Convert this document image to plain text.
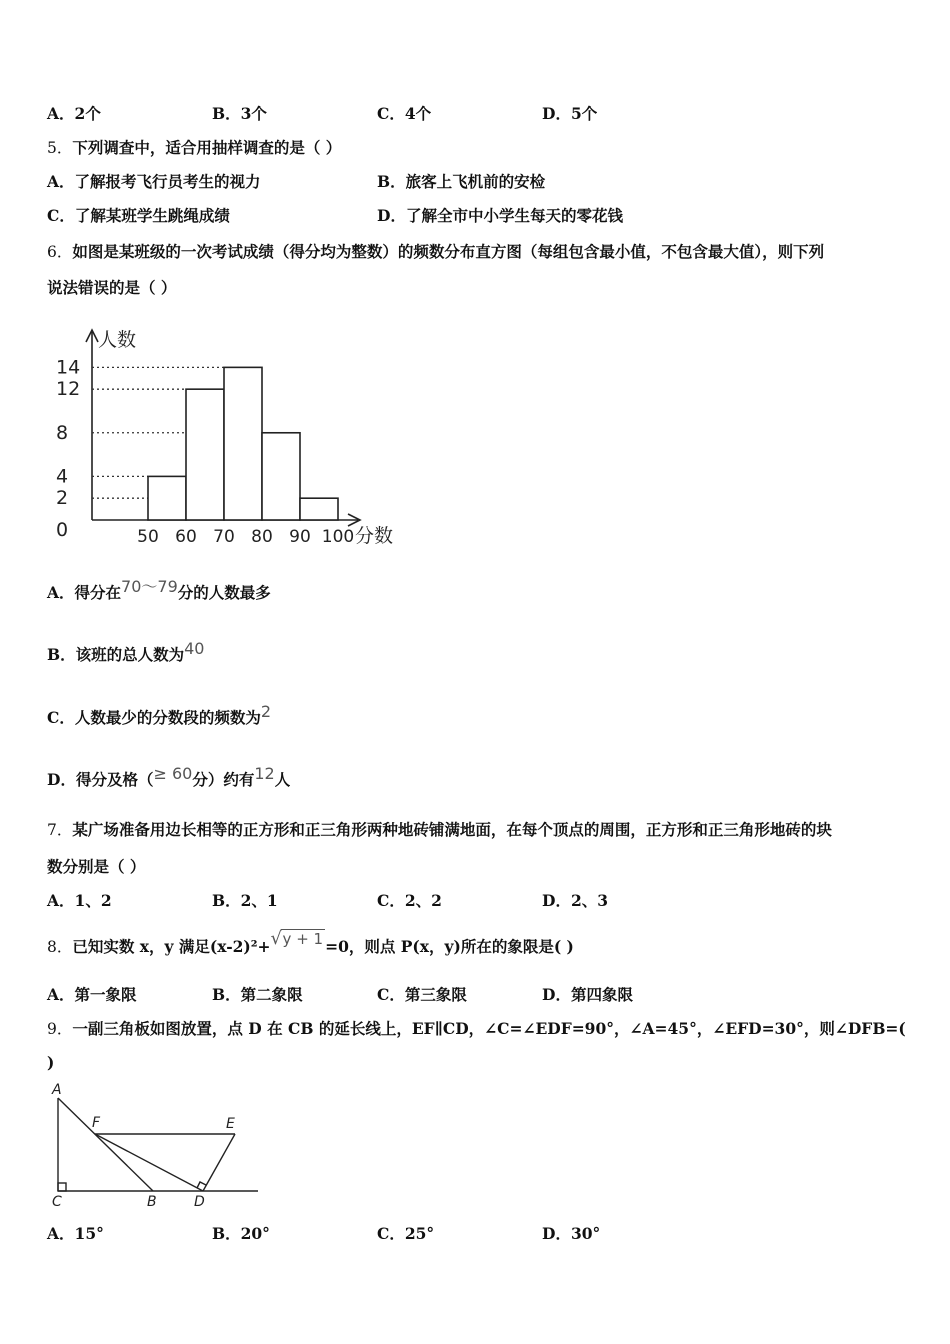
A．2个	B．3个	C．4个	D．5个
5．下列调查中，适合用抽样调查的是（ ）
A．了解报考飞行员考生的视力	B．旅客上飞机前的安检
C．了解某班学生跳绳成绩	D．了解全市中小学生每天的零花钱
6．如图是某班级的一次考试成绩（得分均为整数）的频数分布直方图（每组包含最小值，不包含最大值），则下列
说法错误的是（ ）
0
2
4
8
12
14
50 60 70 80 90 100
人数
分数
A．得分在70～79分的人数最多
B．该班的总人数为40
C．人数最少的分数段的频数为2
D．得分及格（≥ 60分）约有12人
7．某广场准备用边长相等的正方形和正三角形两种地砖铺满地面，在每个顶点的周围，正方形和正三角形地砖的块
数分别是（ ）
A．1、2	B．2、1	C．2、2	D．2、3
8．已知实数 x，y 满足(x-2)²+ √ y + 1 =0，则点 P(x，y)所在的象限是( )
A．第一象限	B．第二象限	C．第三象限	D．第四象限
9．一副三角板如图放置，点 D 在 CB 的延长线上，EF∥CD，∠C=∠EDF=90°，∠A=45°，∠EFD=30°，则∠DFB=(
)
A
F	E
C	B	D
A．15°	B．20°	C．25°	D．30°
